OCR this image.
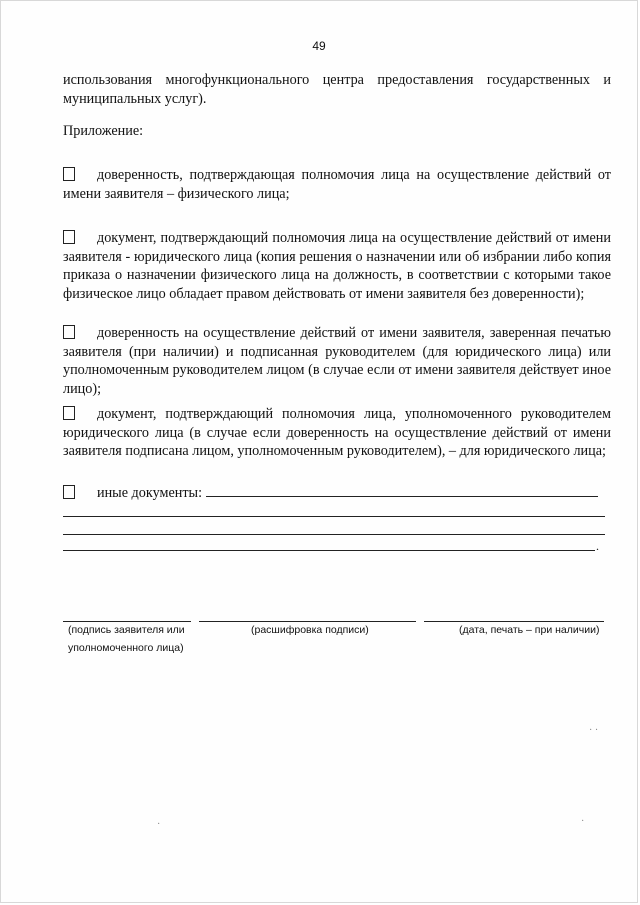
49
использования многофункционального центра предоставления государственных и муниципальных услуг).
Приложение:
доверенность, подтверждающая полномочия лица на осуществление действий от имени заявителя – физического лица;
документ, подтверждающий полномочия лица на осуществление действий от имени заявителя - юридического лица (копия решения о назначении или об избрании либо копия приказа о назначении физического лица на должность, в соответствии с которыми такое физическое лицо обладает правом действовать от имени заявителя без доверенности);
доверенность на осуществление действий от имени заявителя, заверенная печатью заявителя (при наличии) и подписанная руководителем (для юридического лица) или уполномоченным руководителем лицом (в случае если от имени заявителя действует иное лицо);
документ, подтверждающий полномочия лица, уполномоченного руководителем юридического лица (в случае если доверенность на осуществление действий от имени заявителя подписана лицом, уполномоченным руководителем), – для юридического лица;
иные документы:
.
(подпись заявителя или уполномоченного лица)
(расшифровка подписи)	(дата, печать – при наличии)
· ·
·	·
